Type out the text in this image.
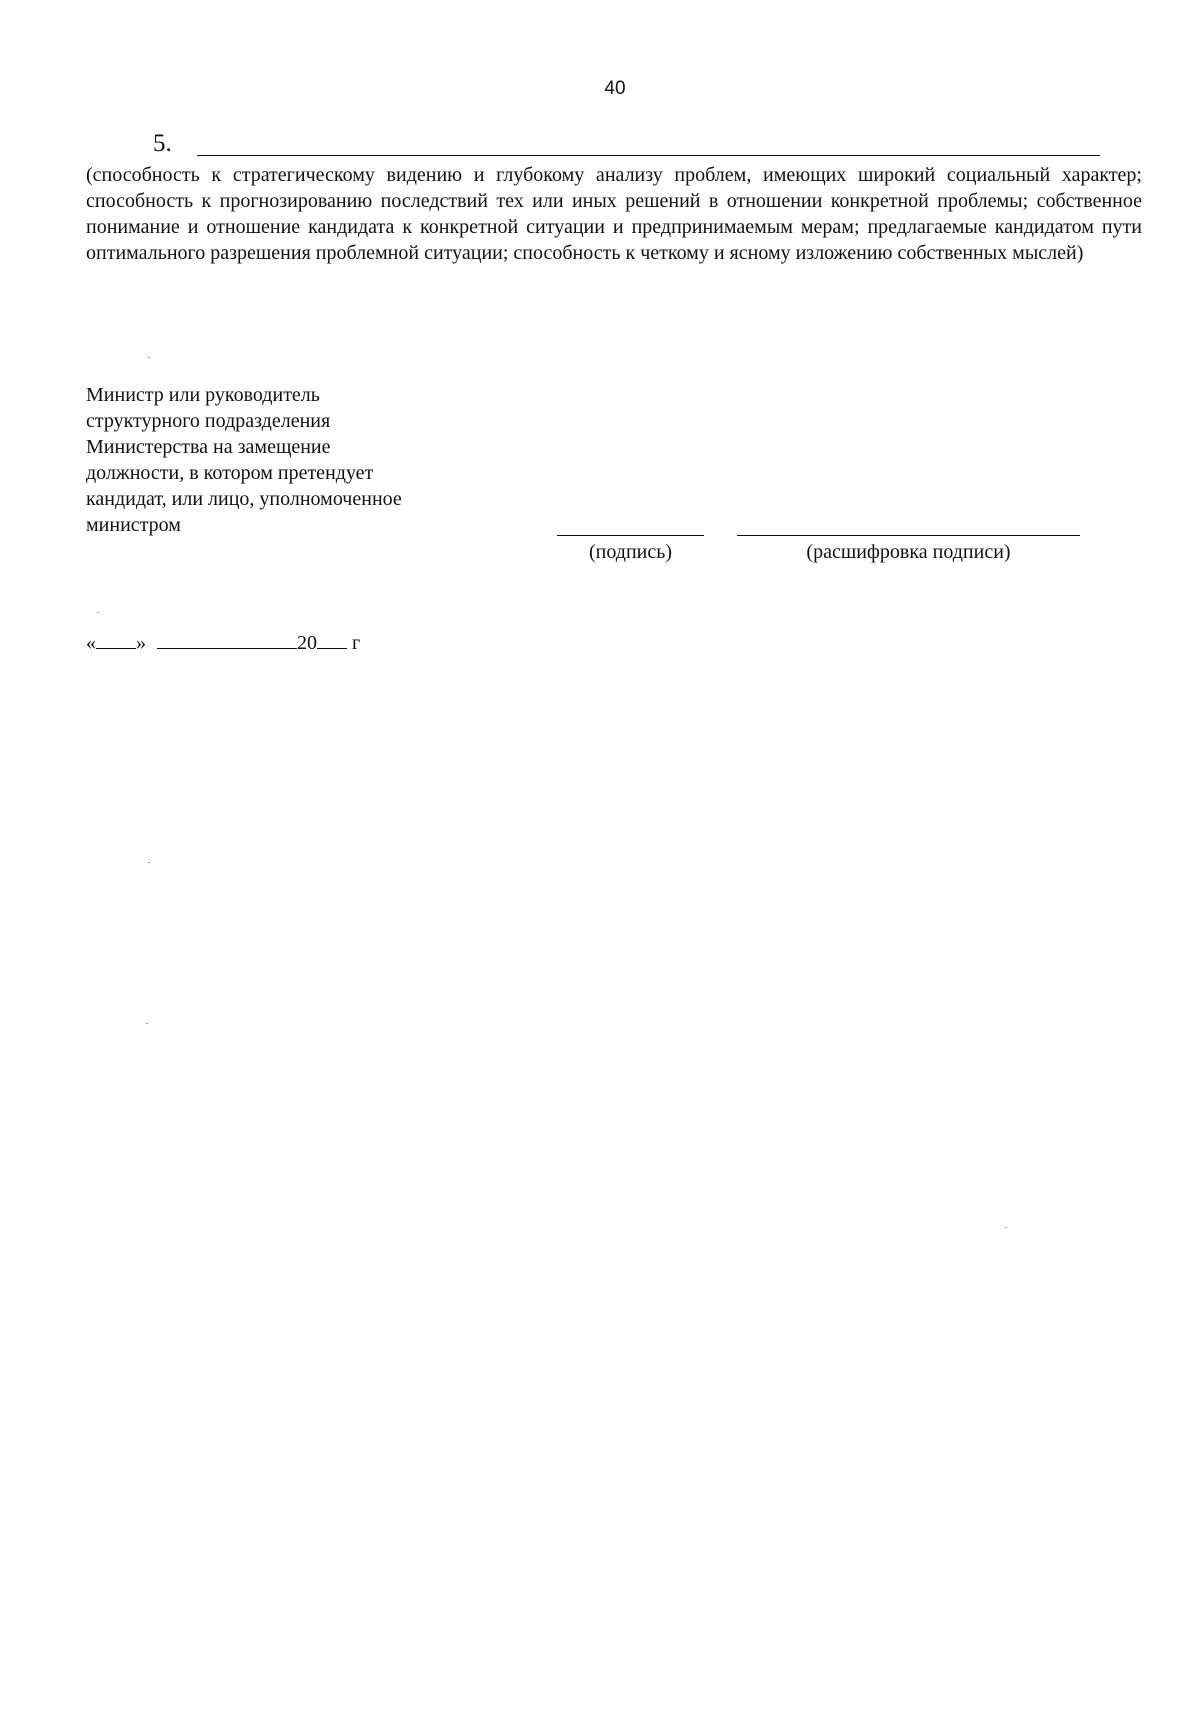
40
5.
(способность к стратегическому видению и глубокому анализу проблем, имеющих широкий социальный характер; способность к прогнозированию последствий тех или иных решений в отношении конкретной проблемы; собственное понимание и отношение кандидата к конкретной ситуации и предпринимаемым мерам; предлагаемые кандидатом пути оптимального разрешения проблемной ситуации; способность к четкому и ясному изложению собственных мыслей)
Министр или руководитель
структурного подразделения
Министерства на замещение
должности, в котором претендует
кандидат, или лицо, уполномоченное
министром
(подпись)	(расшифровка подписи)
« »	20 г
